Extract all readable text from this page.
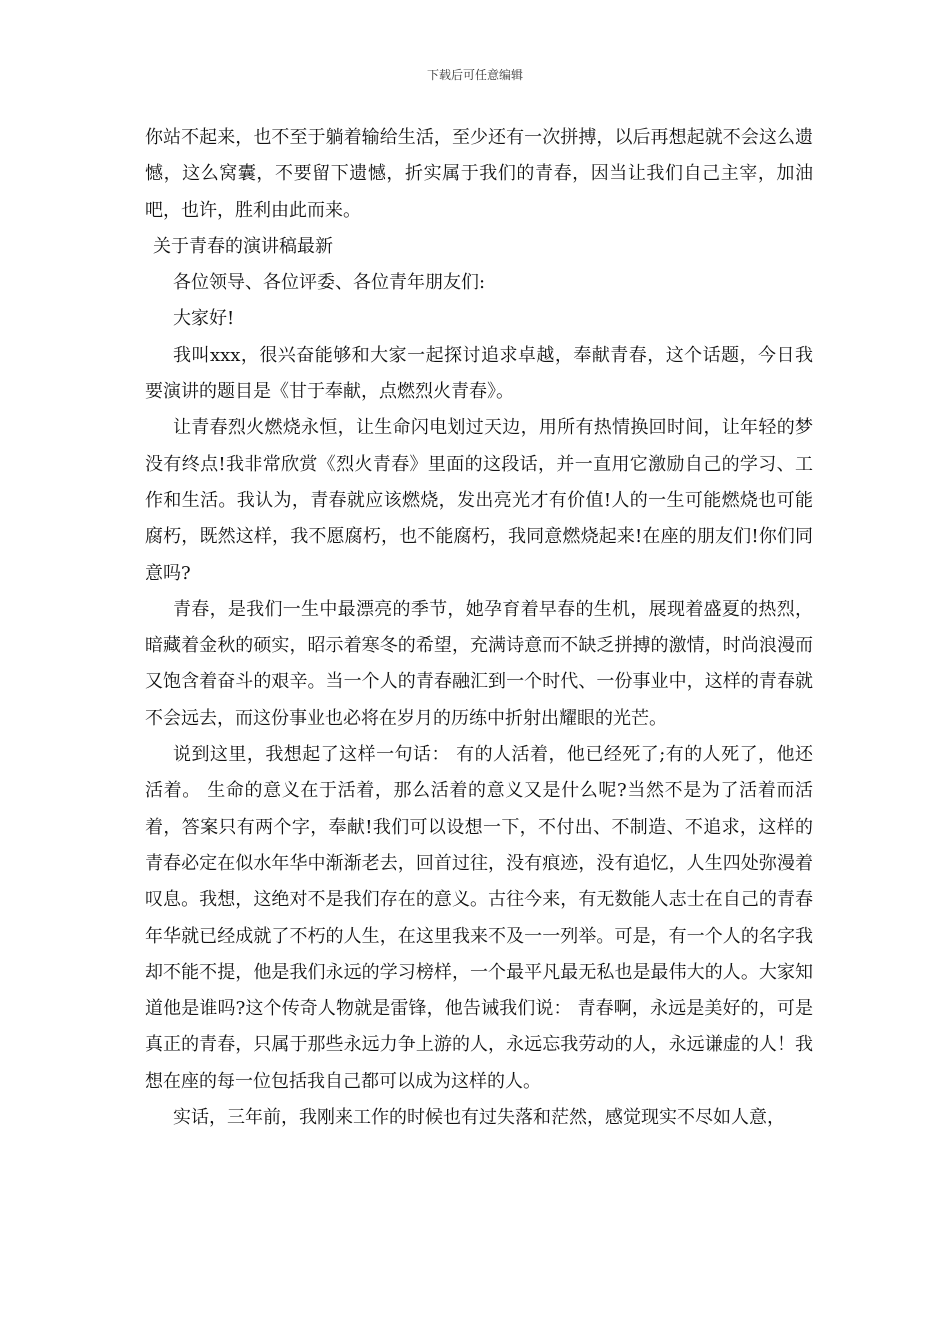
下载后可任意编辑

你站不起来，也不至于躺着输给生活，至少还有一次拼搏，以后再想起就不会这么遗憾，这么窝囊，不要留下遗憾，折实属于我们的青春，因当让我们自己主宰，加油吧，也许，胜利由此而来。

关于青春的演讲稿最新

各位领导、各位评委、各位青年朋友们:

大家好!

我叫xxx，很兴奋能够和大家一起探讨追求卓越，奉献青春，这个话题，今日我要演讲的题目是《甘于奉献，点燃烈火青春》。

让青春烈火燃烧永恒，让生命闪电划过天边，用所有热情换回时间，让年轻的梦没有终点!我非常欣赏《烈火青春》里面的这段话，并一直用它激励自己的学习、工作和生活。我认为，青春就应该燃烧，发出亮光才有价值!人的一生可能燃烧也可能腐朽，既然这样，我不愿腐朽，也不能腐朽，我同意燃烧起来!在座的朋友们!你们同意吗?

青春，是我们一生中最漂亮的季节，她孕育着早春的生机，展现着盛夏的热烈，暗藏着金秋的硕实，昭示着寒冬的希望，充满诗意而不缺乏拼搏的激情，时尚浪漫而又饱含着奋斗的艰辛。当一个人的青春融汇到一个时代、一份事业中，这样的青春就不会远去，而这份事业也必将在岁月的历练中折射出耀眼的光芒。

说到这里，我想起了这样一句话： 有的人活着，他已经死了;有的人死了，他还活着。 生命的意义在于活着，那么活着的意义又是什么呢?当然不是为了活着而活着，答案只有两个字，奉献!我们可以设想一下，不付出、不制造、不追求，这样的青春必定在似水年华中渐渐老去，回首过往，没有痕迹，没有追忆，人生四处弥漫着叹息。我想，这绝对不是我们存在的意义。古往今来，有无数能人志士在自己的青春年华就已经成就了不朽的人生，在这里我来不及一一列举。可是，有一个人的名字我却不能不提，他是我们永远的学习榜样，一个最平凡最无私也是最伟大的人。大家知道他是谁吗?这个传奇人物就是雷锋，他告诫我们说： 青春啊，永远是美好的，可是真正的青春，只属于那些永远力争上游的人，永远忘我劳动的人，永远谦虚的人！我想在座的每一位包括我自己都可以成为这样的人。

实话，三年前，我刚来工作的时候也有过失落和茫然，感觉现实不尽如人意，
